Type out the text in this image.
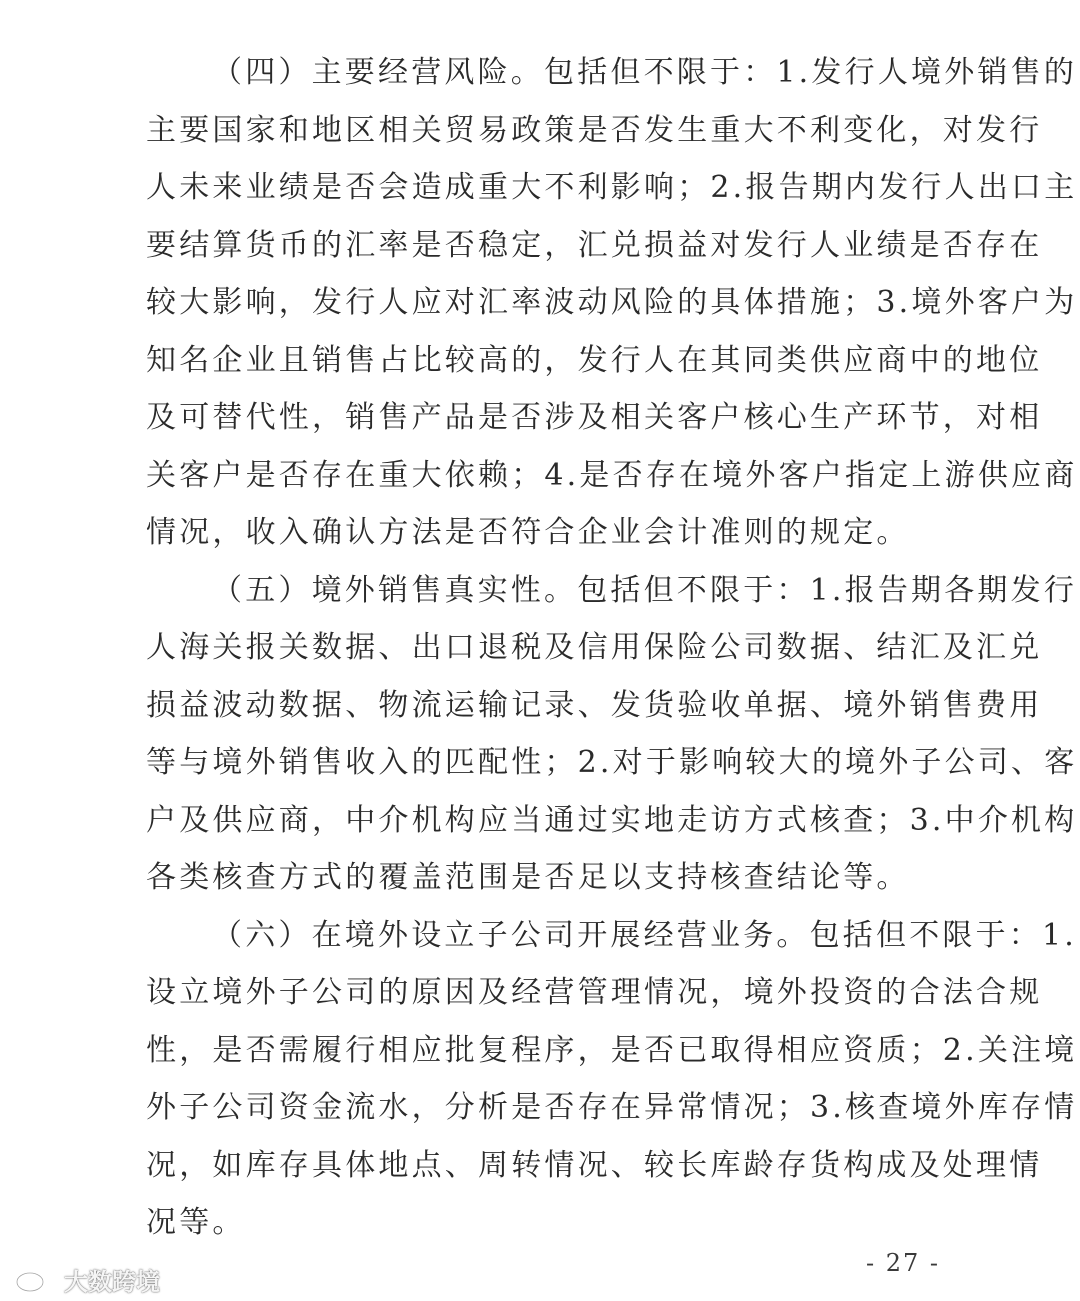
（四）主要经营风险。包括但不限于：1.发行人境外销售的
主要国家和地区相关贸易政策是否发生重大不利变化，对发行
人未来业绩是否会造成重大不利影响；2.报告期内发行人出口主
要结算货币的汇率是否稳定，汇兑损益对发行人业绩是否存在
较大影响，发行人应对汇率波动风险的具体措施；3.境外客户为
知名企业且销售占比较高的，发行人在其同类供应商中的地位
及可替代性，销售产品是否涉及相关客户核心生产环节，对相
关客户是否存在重大依赖；4.是否存在境外客户指定上游供应商
情况，收入确认方法是否符合企业会计准则的规定。
（五）境外销售真实性。包括但不限于：1.报告期各期发行
人海关报关数据、出口退税及信用保险公司数据、结汇及汇兑
损益波动数据、物流运输记录、发货验收单据、境外销售费用
等与境外销售收入的匹配性；2.对于影响较大的境外子公司、客
户及供应商，中介机构应当通过实地走访方式核查；3.中介机构
各类核查方式的覆盖范围是否足以支持核查结论等。
（六）在境外设立子公司开展经营业务。包括但不限于：1.
设立境外子公司的原因及经营管理情况，境外投资的合法合规
性，是否需履行相应批复程序，是否已取得相应资质；2.关注境
外子公司资金流水，分析是否存在异常情况；3.核查境外库存情
况，如库存具体地点、周转情况、较长库龄存货构成及处理情
况等。
- 27 -
大数跨境
